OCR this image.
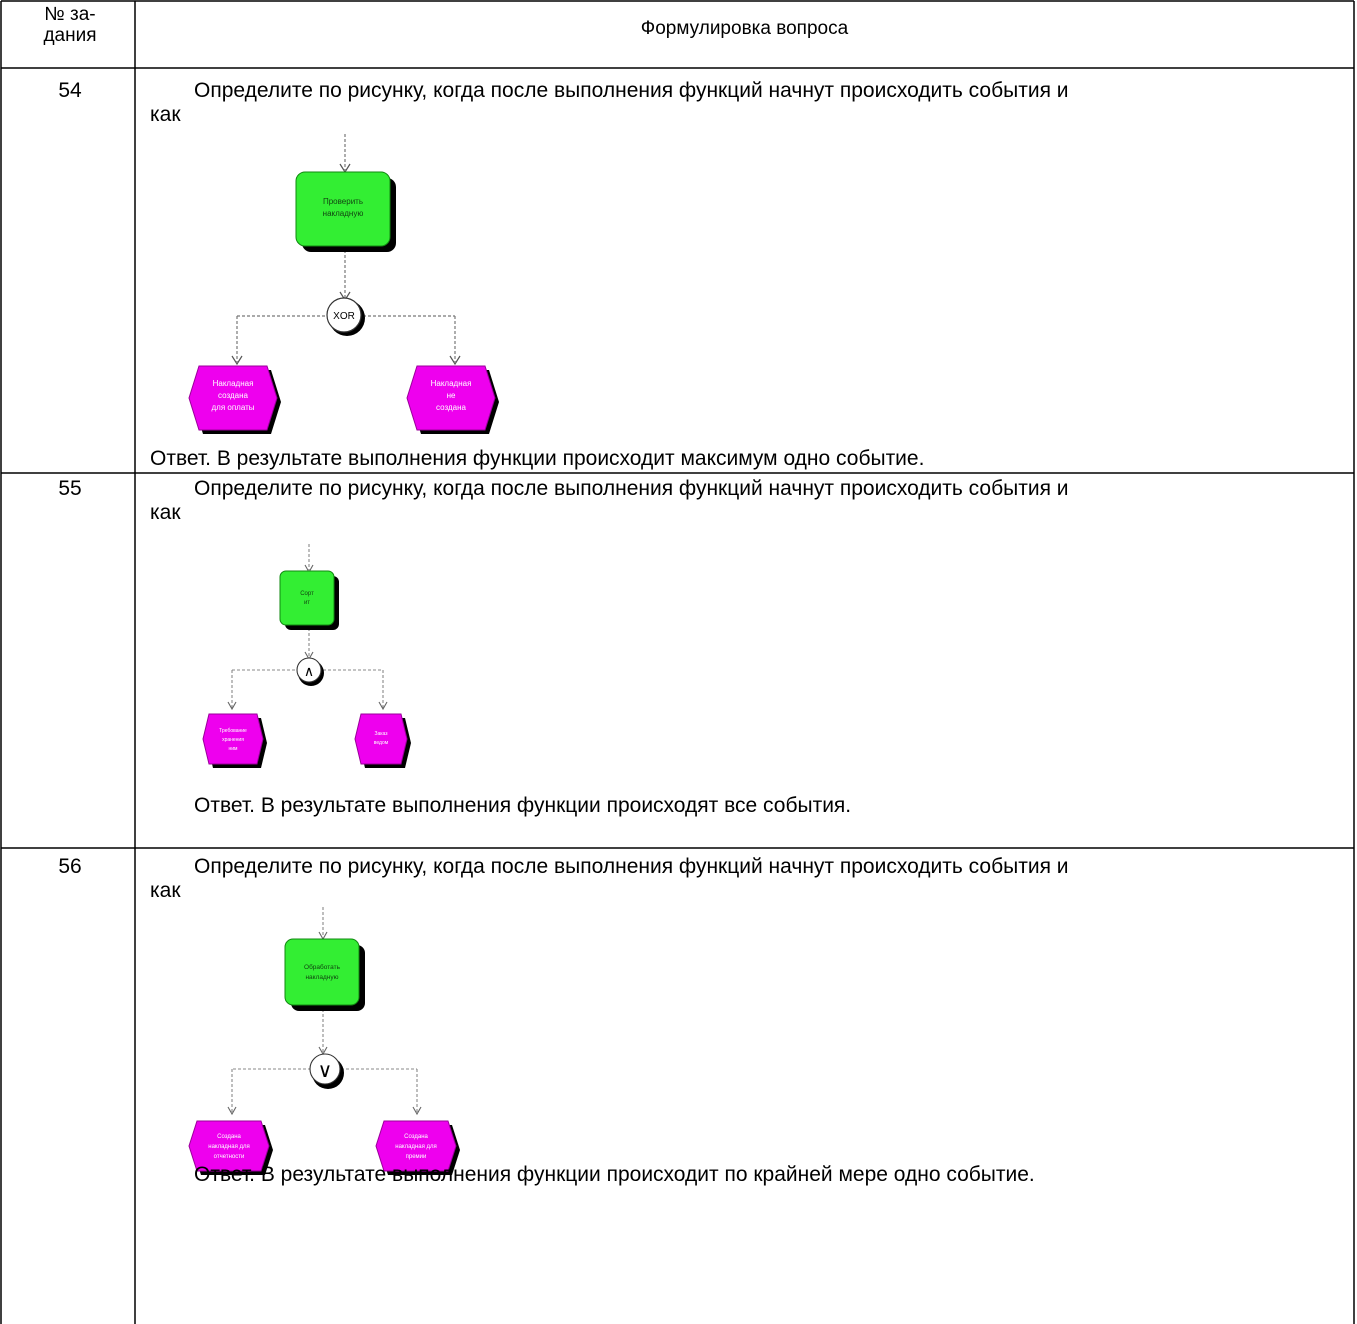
№ за-
дания	Формулировка вопроса
54	Определите по рисунку, когда после выполнения функций начнут происходить события и
как
Проверить
накладную
XOR
Накладная
создана
для оплаты
Накладная
не
создана
Ответ. В результате выполнения функции происходит максимум одно событие.
55	Определите по рисунку, когда после выполнения функций начнут происходить события и
как
Сорт
ит
∧
Требование
хранения
ним
Заказ
ведом
Ответ. В результате выполнения функции происходят все события.
56	Определите по рисунку, когда после выполнения функций начнут происходить события и
как
Обработать
накладную
∨
Создана
накладная для
отчетности
Создана
накладная для
премии
Ответ. В результате выполнения функции происходит по крайней мере одно событие.
